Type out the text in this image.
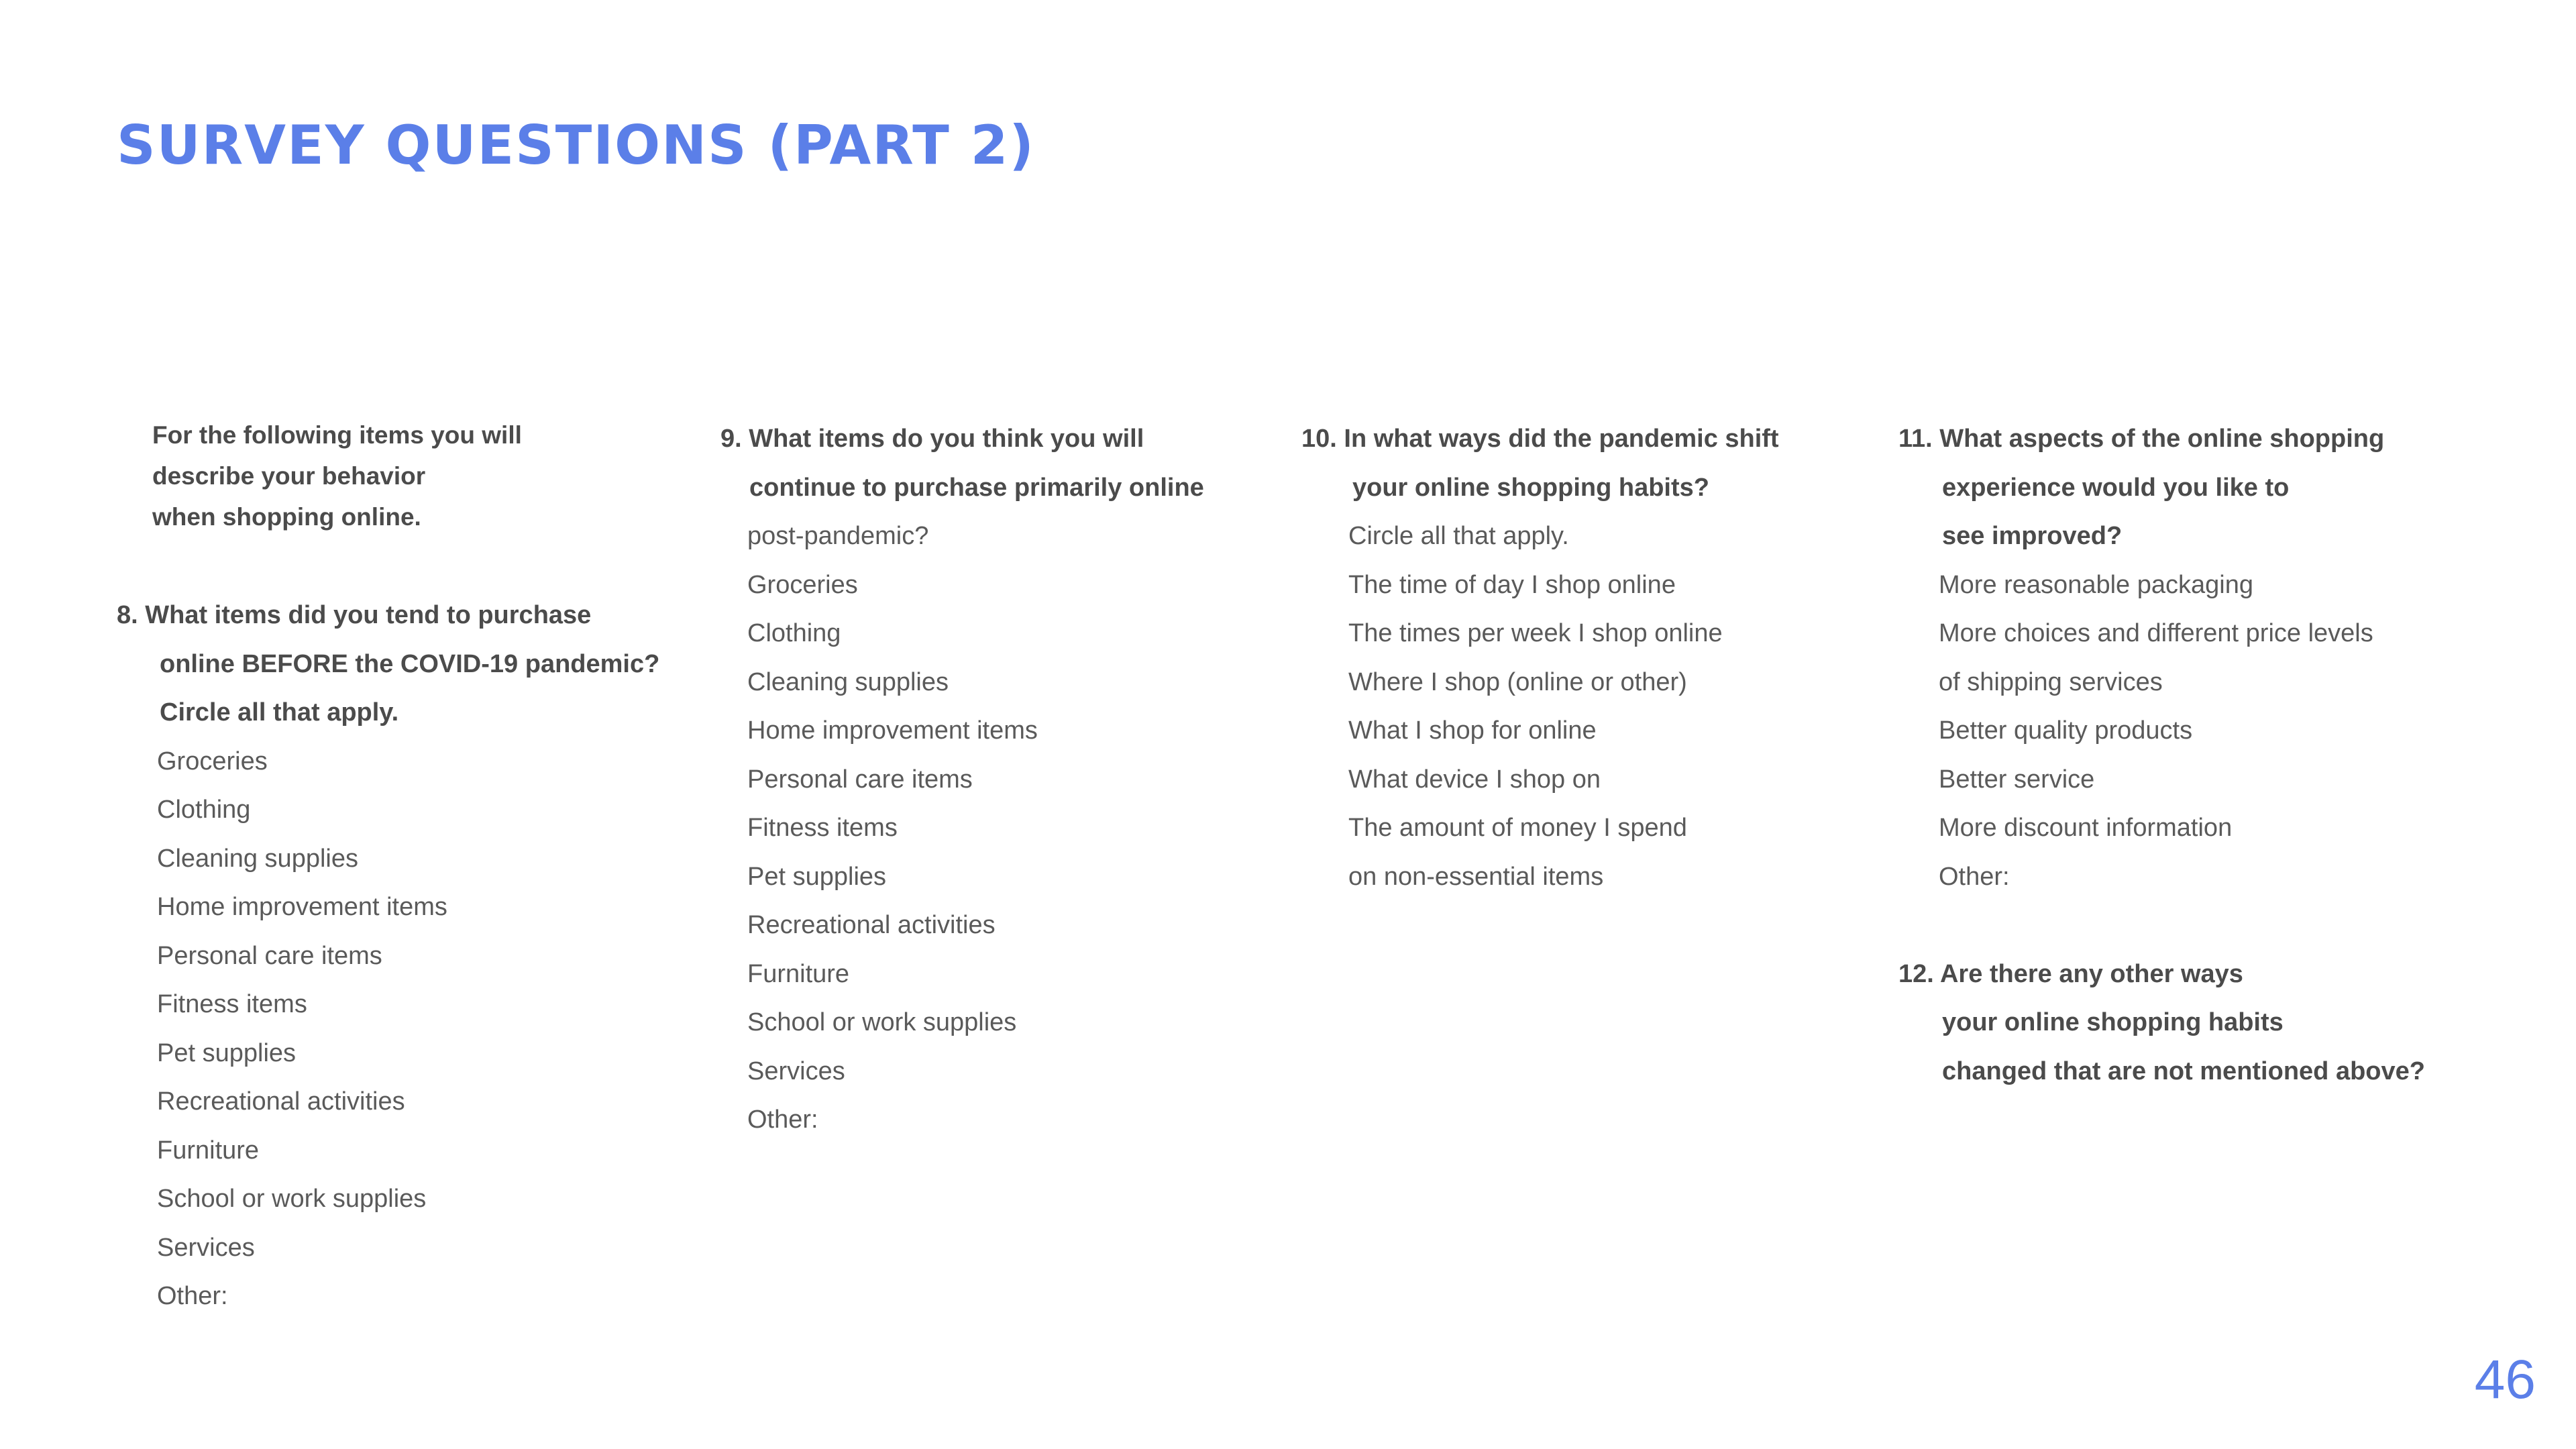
SURVEY QUESTIONS (PART 2)

For the following items you will

describe your behavior

when shopping online.

8. What items did you tend to purchase

online BEFORE the COVID-19 pandemic?

Circle all that apply.

Groceries

Clothing

Cleaning supplies

Home improvement items

Personal care items

Fitness items

Pet supplies

Recreational activities

Furniture

School or work supplies

Services

Other:

9. What items do you think you will

continue to purchase primarily online

post-pandemic?

Groceries

Clothing

Cleaning supplies

Home improvement items

Personal care items

Fitness items

Pet supplies

Recreational activities

Furniture

School or work supplies

Services

Other:

10. In what ways did the pandemic shift

your online shopping habits?

Circle all that apply.

The time of day I shop online

The times per week I shop online

Where I shop (online or other)

What I shop for online

What device I shop on

The amount of money I spend

on non-essential items

11. What aspects of the online shopping

experience would you like to

see improved?

More reasonable packaging

More choices and different price levels

of shipping services

Better quality products

Better service

More discount information

Other:

12. Are there any other ways

your online shopping habits

changed that are not mentioned above?

46
